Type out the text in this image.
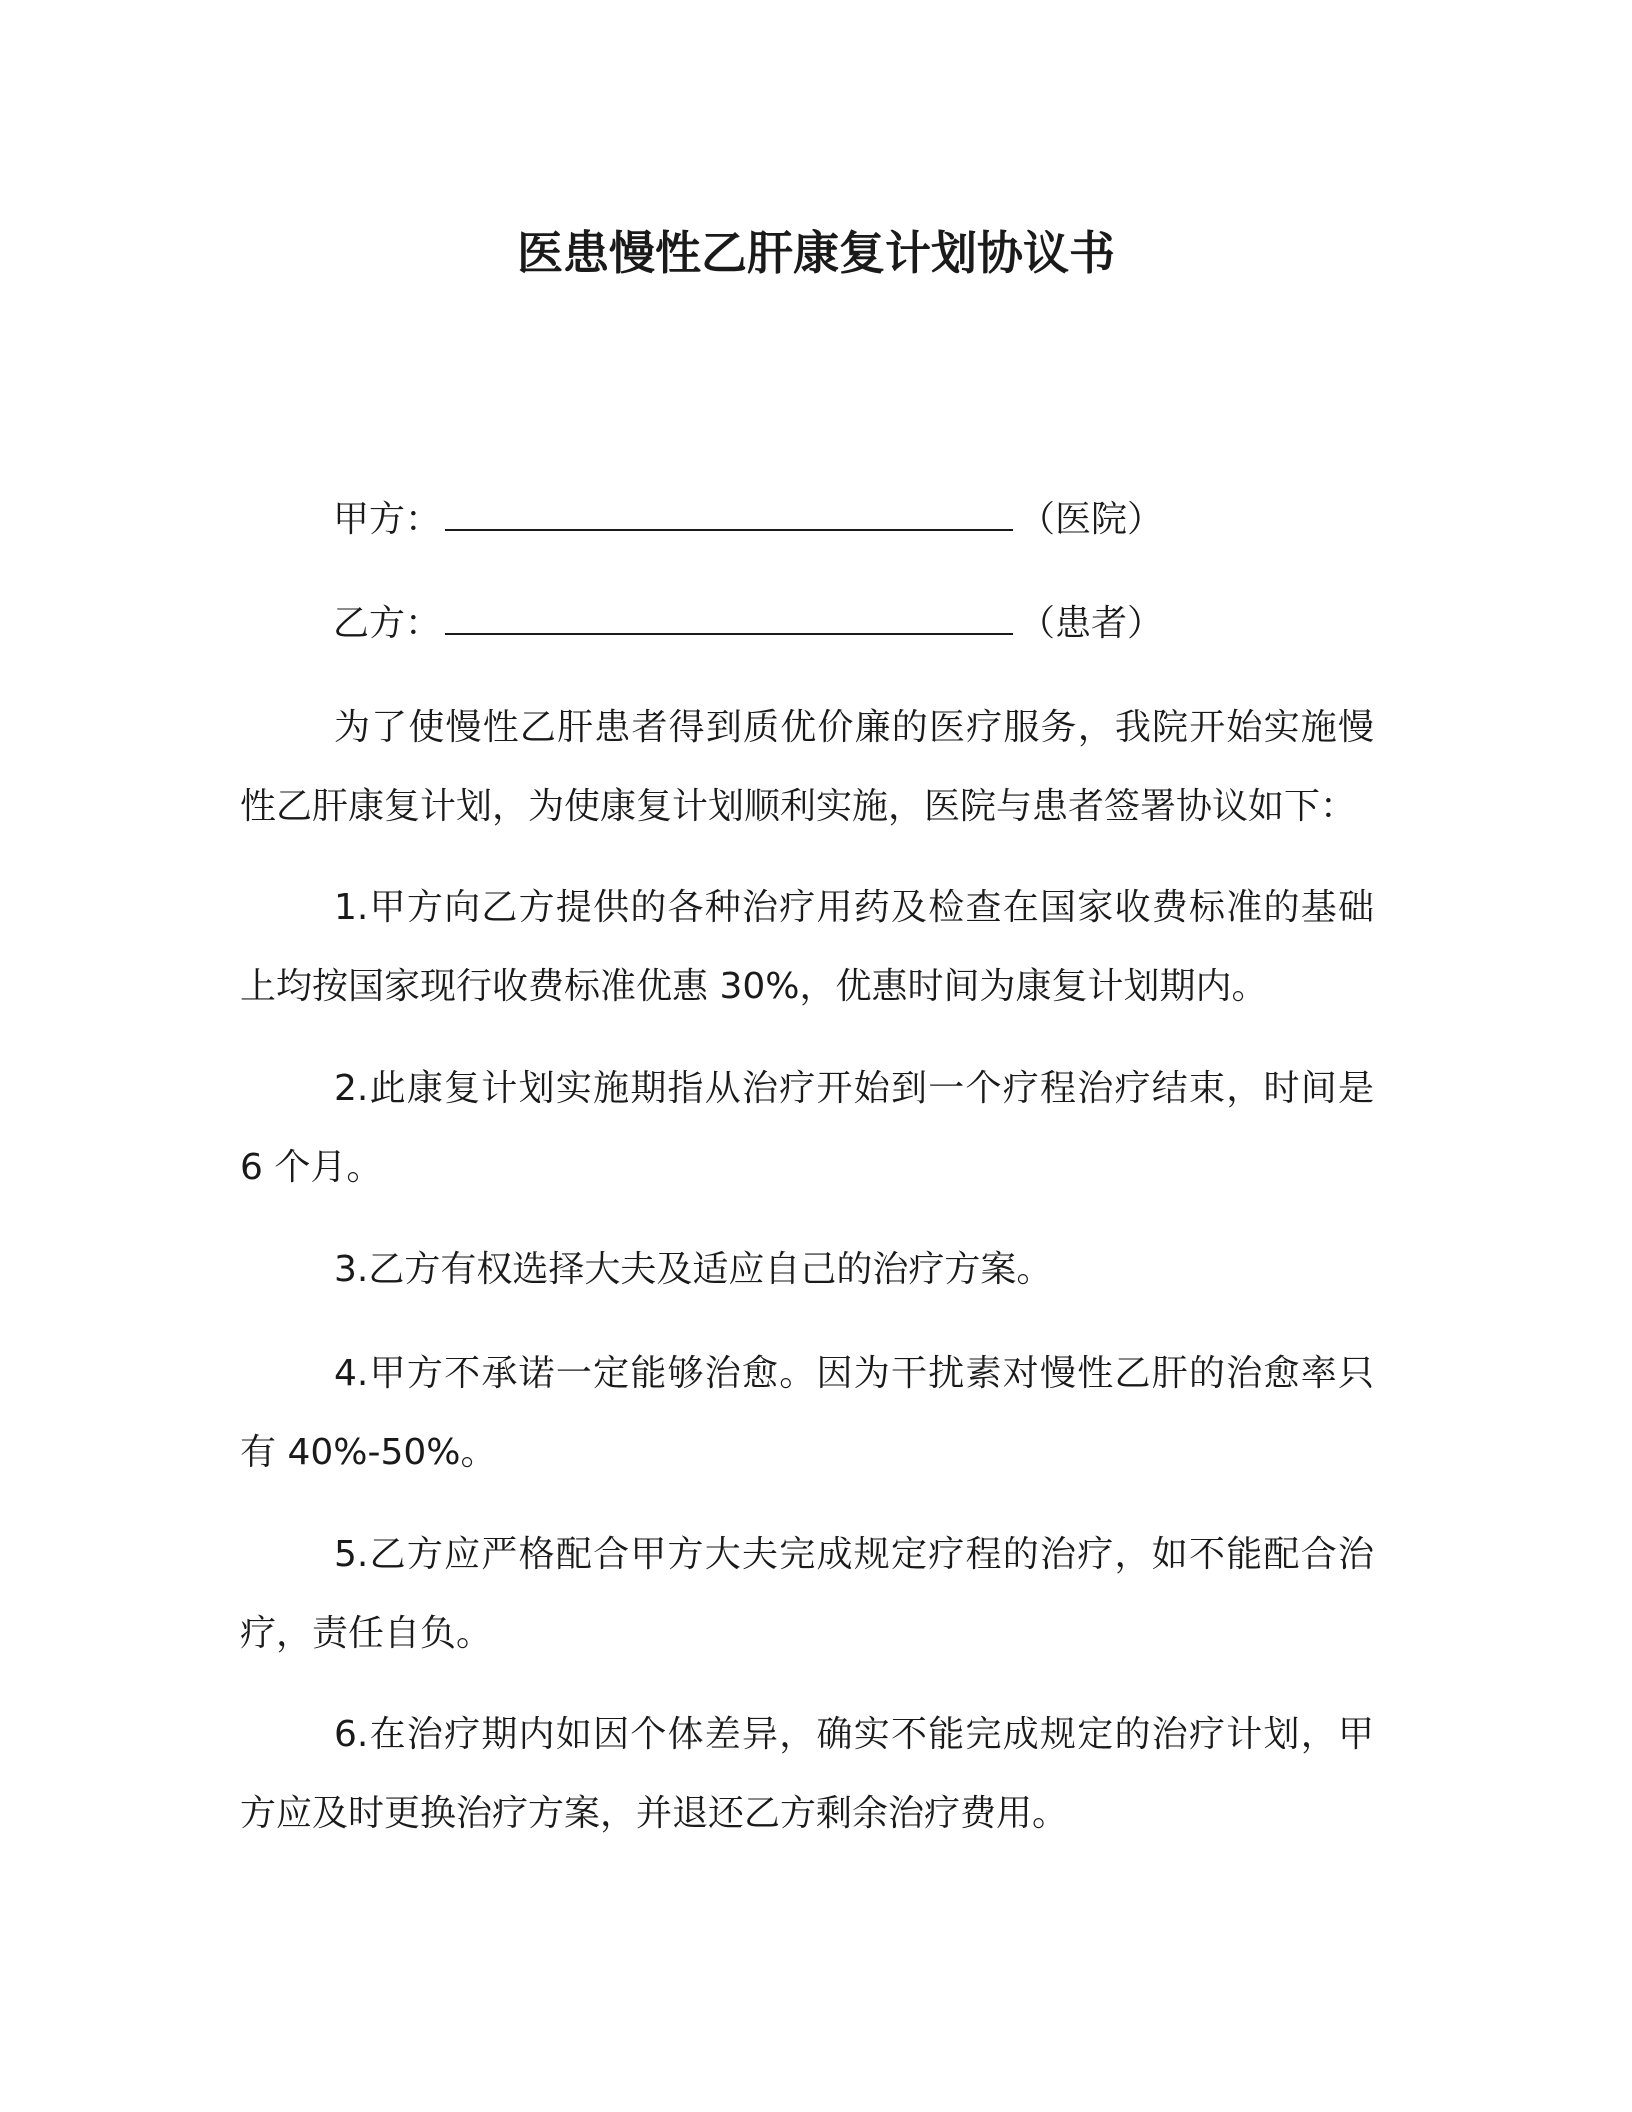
医患慢性乙肝康复计划协议书
甲方：	（医院）
乙方：	（患者）
为了使慢性乙肝患者得到质优价廉的医疗服务，我院开始实施慢性乙肝康复计划，为使康复计划顺利实施，医院与患者签署协议如下：
1.甲方向乙方提供的各种治疗用药及检查在国家收费标准的基础上均按国家现行收费标准优惠 30%，优惠时间为康复计划期内。
2.此康复计划实施期指从治疗开始到一个疗程治疗结束，时间是 6 个月。
3.乙方有权选择大夫及适应自己的治疗方案。
4.甲方不承诺一定能够治愈。因为干扰素对慢性乙肝的治愈率只有 40%-50%。
5.乙方应严格配合甲方大夫完成规定疗程的治疗，如不能配合治疗，责任自负。
6.在治疗期内如因个体差异，确实不能完成规定的治疗计划，甲方应及时更换治疗方案，并退还乙方剩余治疗费用。
